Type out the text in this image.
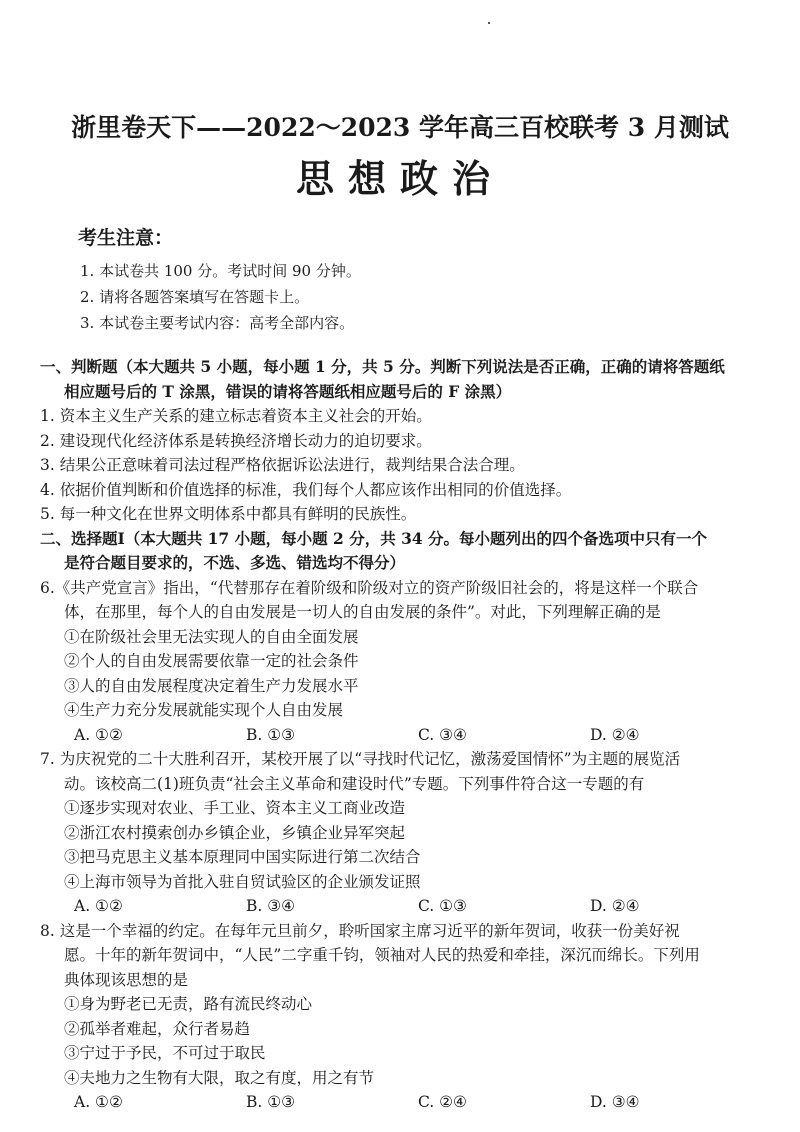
浙里卷天下——2022～2023 学年高三百校联考 3 月测试
思想政治
考生注意：
1. 本试卷共 100 分。考试时间 90 分钟。
2. 请将各题答案填写在答题卡上。
3. 本试卷主要考试内容：高考全部内容。
一、判断题（本大题共 5 小题，每小题 1 分，共 5 分。判断下列说法是否正确，正确的请将答题纸
相应题号后的 T 涂黑，错误的请将答题纸相应题号后的 F 涂黑）
1. 资本主义生产关系的建立标志着资本主义社会的开始。
2. 建设现代化经济体系是转换经济增长动力的迫切要求。
3. 结果公正意味着司法过程严格依据诉讼法进行，裁判结果合法合理。
4. 依据价值判断和价值选择的标准，我们每个人都应该作出相同的价值选择。
5. 每一种文化在世界文明体系中都具有鲜明的民族性。
二、选择题Ⅰ（本大题共 17 小题，每小题 2 分，共 34 分。每小题列出的四个备选项中只有一个
是符合题目要求的，不选、多选、错选均不得分）
6.《共产党宣言》指出，“代替那存在着阶级和阶级对立的资产阶级旧社会的，将是这样一个联合
体，在那里，每个人的自由发展是一切人的自由发展的条件”。对此，下列理解正确的是
①在阶级社会里无法实现人的自由全面发展
②个人的自由发展需要依靠一定的社会条件
③人的自由发展程度决定着生产力发展水平
④生产力充分发展就能实现个人自由发展
A. ①②	B. ①③	C. ③④	D. ②④
7. 为庆祝党的二十大胜利召开，某校开展了以“寻找时代记忆，激荡爱国情怀”为主题的展览活
动。该校高二(1)班负责“社会主义革命和建设时代”专题。下列事件符合这一专题的有
①逐步实现对农业、手工业、资本主义工商业改造
②浙江农村摸索创办乡镇企业，乡镇企业异军突起
③把马克思主义基本原理同中国实际进行第二次结合
④上海市领导为首批入驻自贸试验区的企业颁发证照
A. ①②	B. ③④	C. ①③	D. ②④
8. 这是一个幸福的约定。在每年元旦前夕，聆听国家主席习近平的新年贺词，收获一份美好祝
愿。十年的新年贺词中，“人民”二字重千钧，领袖对人民的热爱和牵挂，深沉而绵长。下列用
典体现该思想的是
①身为野老已无责，路有流民终动心
②孤举者难起，众行者易趋
③宁过于予民，不可过于取民
④夫地力之生物有大限，取之有度，用之有节
A. ①②	B. ①③	C. ②④	D. ③④
